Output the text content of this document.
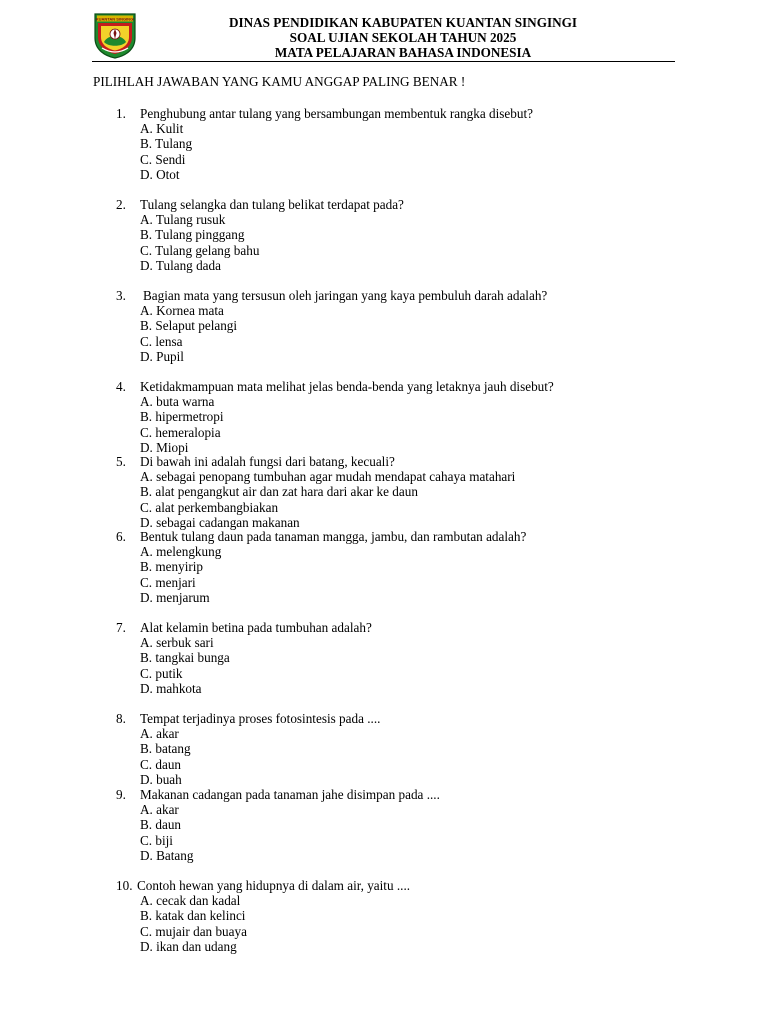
KUANTAN SINGINGI	DINAS PENDIDIKAN KABUPATEN KUANTAN SINGINGI
SOAL UJIAN SEKOLAH TAHUN 2025
MATA PELAJARAN BAHASA INDONESIA
PILIHLAH JAWABAN YANG KAMU ANGGAP PALING BENAR !
1. Penghubung antar tulang yang bersambungan membentuk rangka disebut?
A. Kulit
B. Tulang
C. Sendi
D. Otot
2. Tulang selangka dan tulang belikat terdapat pada?
A. Tulang rusuk
B. Tulang pinggang
C. Tulang gelang bahu
D. Tulang dada
3. Bagian mata yang tersusun oleh jaringan yang kaya pembuluh darah adalah?
A. Kornea mata
B. Selaput pelangi
C. lensa
D. Pupil
4. Ketidakmampuan mata melihat jelas benda-benda yang letaknya jauh disebut?
A. buta warna
B. hipermetropi
C. hemeralopia
D. Miopi
5. Di bawah ini adalah fungsi dari batang, kecuali?
A. sebagai penopang tumbuhan agar mudah mendapat cahaya matahari
B. alat pengangkut air dan zat hara dari akar ke daun
C. alat perkembangbiakan
D. sebagai cadangan makanan
6. Bentuk tulang daun pada tanaman mangga, jambu, dan rambutan adalah?
A. melengkung
B. menyirip
C. menjari
D. menjarum
7. Alat kelamin betina pada tumbuhan adalah?
A. serbuk sari
B. tangkai bunga
C. putik
D. mahkota
8. Tempat terjadinya proses fotosintesis pada ....
A. akar
B. batang
C. daun
D. buah
9. Makanan cadangan pada tanaman jahe disimpan pada ....
A. akar
B. daun
C. biji
D. Batang
10. Contoh hewan yang hidupnya di dalam air, yaitu ....
A. cecak dan kadal
B. katak dan kelinci
C. mujair dan buaya
D. ikan dan udang
